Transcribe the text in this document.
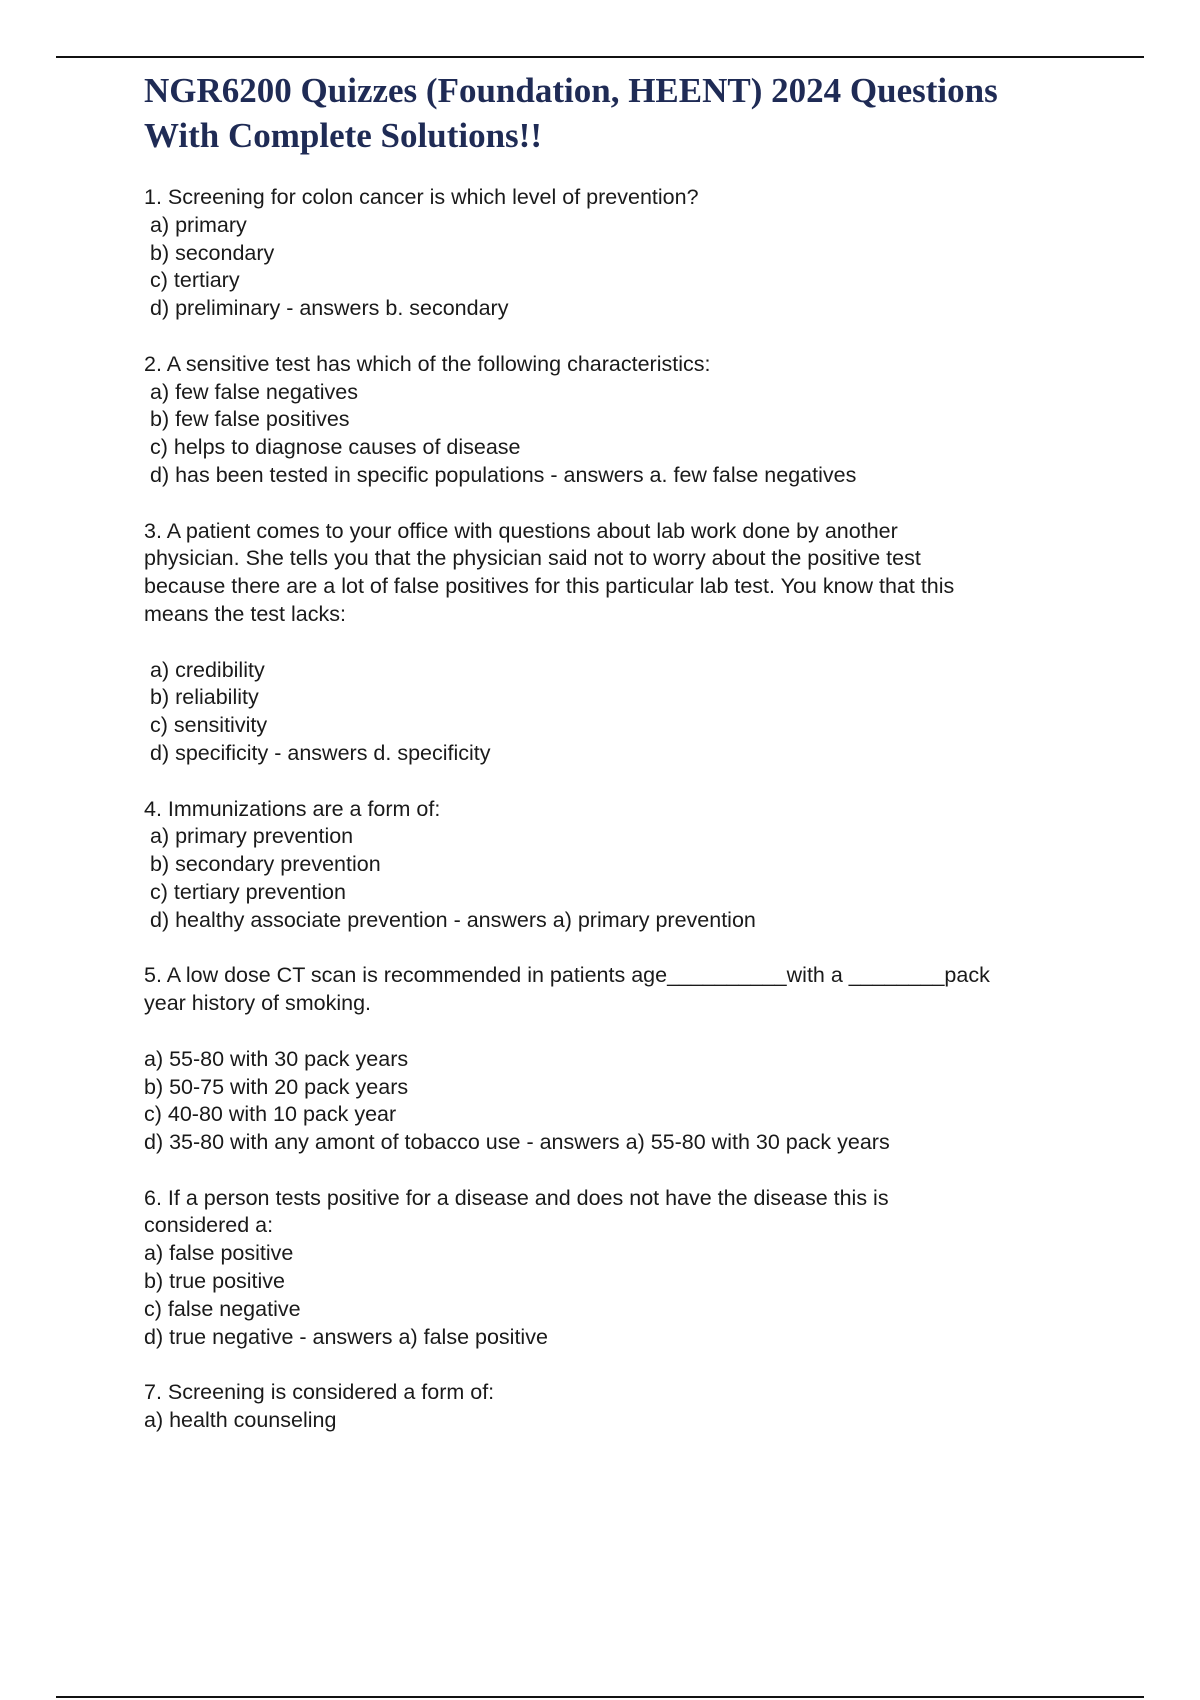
NGR6200 Quizzes (Foundation, HEENT) 2024 Questions
With Complete Solutions!!
1. Screening for colon cancer is which level of prevention?
a) primary
b) secondary
c) tertiary
d) preliminary - answers b. secondary
2. A sensitive test has which of the following characteristics:
a) few false negatives
b) few false positives
c) helps to diagnose causes of disease
d) has been tested in specific populations - answers a. few false negatives
3. A patient comes to your office with questions about lab work done by another
physician. She tells you that the physician said not to worry about the positive test
because there are a lot of false positives for this particular lab test. You know that this
means the test lacks:
a) credibility
b) reliability
c) sensitivity
d) specificity - answers d. specificity
4. Immunizations are a form of:
a) primary prevention
b) secondary prevention
c) tertiary prevention
d) healthy associate prevention - answers a) primary prevention
5. A low dose CT scan is recommended in patients age__________with a ________pack
year history of smoking.
a) 55-80 with 30 pack years
b) 50-75 with 20 pack years
c) 40-80 with 10 pack year
d) 35-80 with any amont of tobacco use - answers a) 55-80 with 30 pack years
6. If a person tests positive for a disease and does not have the disease this is
considered a:
a) false positive
b) true positive
c) false negative
d) true negative - answers a) false positive
7. Screening is considered a form of:
a) health counseling
